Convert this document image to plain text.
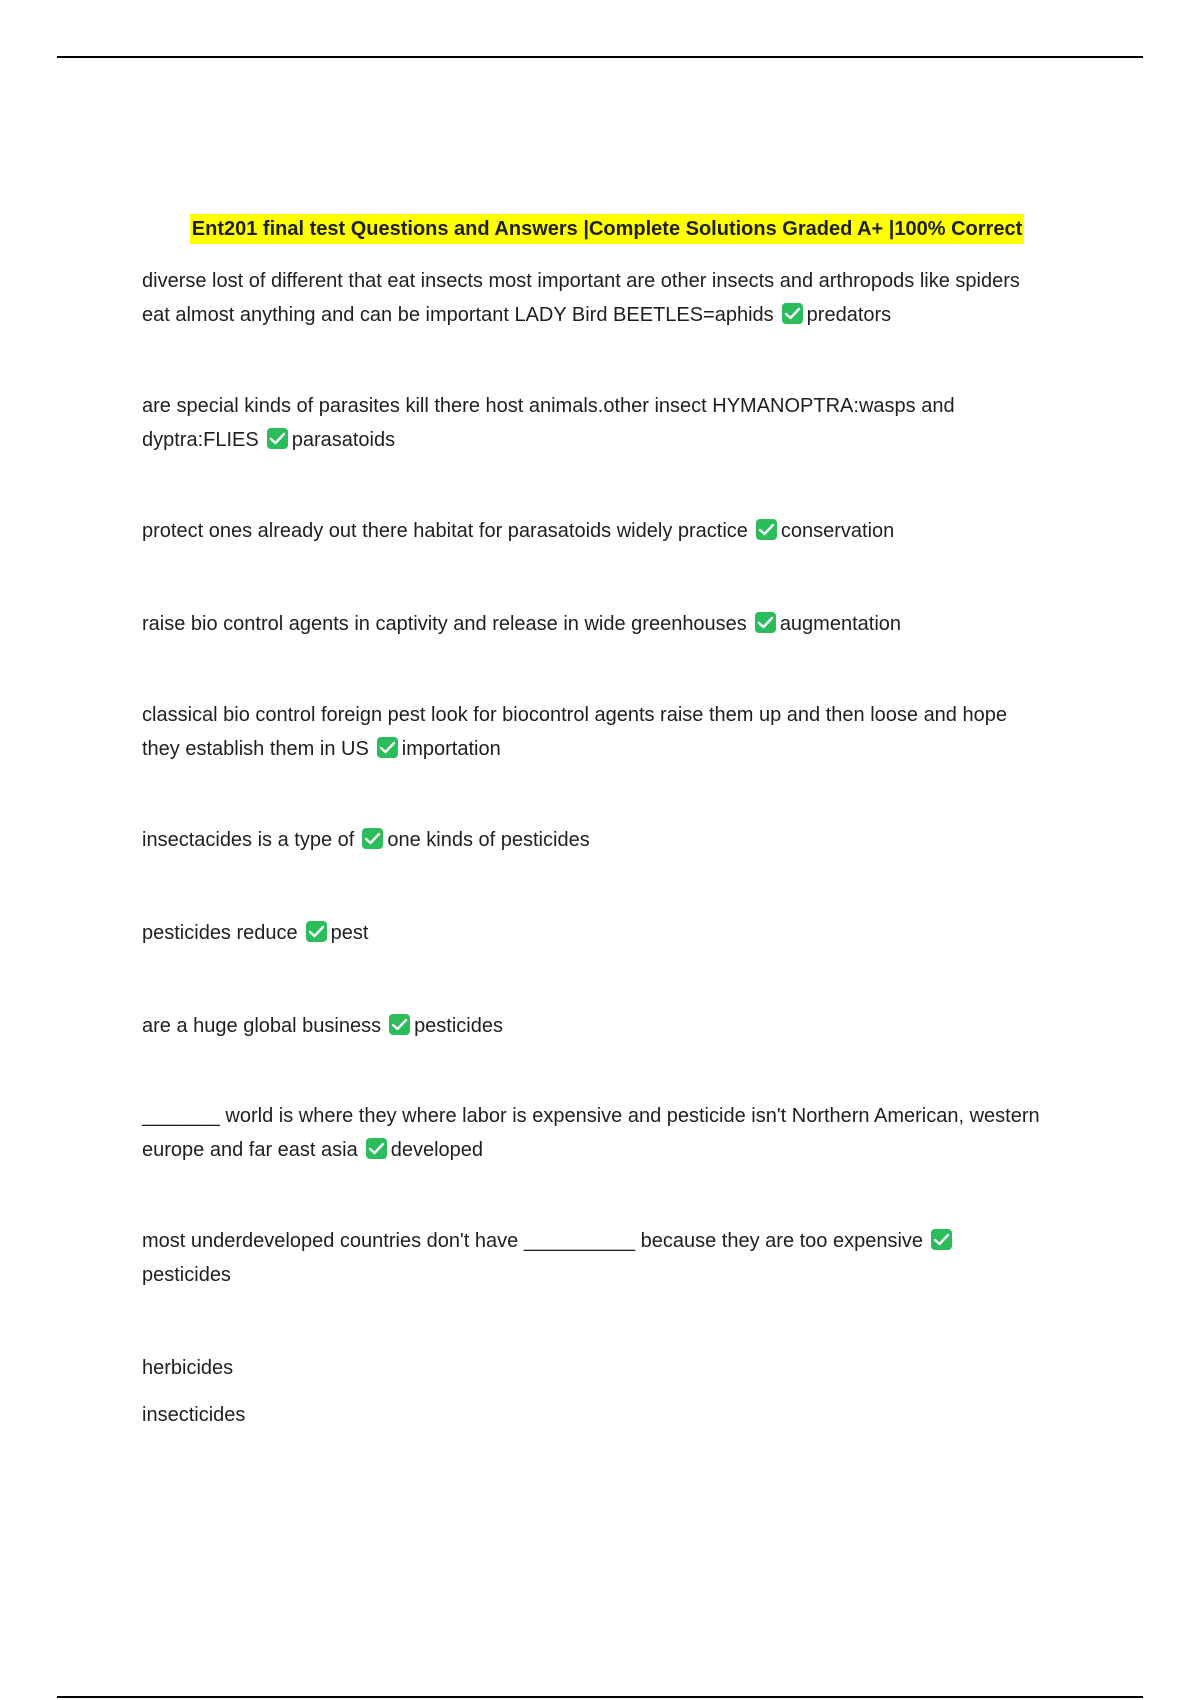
Ent201 final test Questions and Answers |Complete Solutions Graded A+ |100% Correct

diverse lost of different that eat insects most important are other insects and arthropods like spiders eat almost anything and can be important LADY Bird BEETLES=aphids predators

are special kinds of parasites kill there host animals.other insect HYMANOPTRA:wasps and dyptra:FLIES parasatoids

protect ones already out there habitat for parasatoids widely practice conservation

raise bio control agents in captivity and release in wide greenhouses augmentation

classical bio control foreign pest look for biocontrol agents raise them up and then loose and hope they establish them in US importation

insectacides is a type of one kinds of pesticides

pesticides reduce pest

are a huge global business pesticides

_______ world is where they where labor is expensive and pesticide isn't Northern American, western europe and far east asia developed

most underdeveloped countries don't have __________ because they are too expensive
pesticides

herbicides

insecticides
